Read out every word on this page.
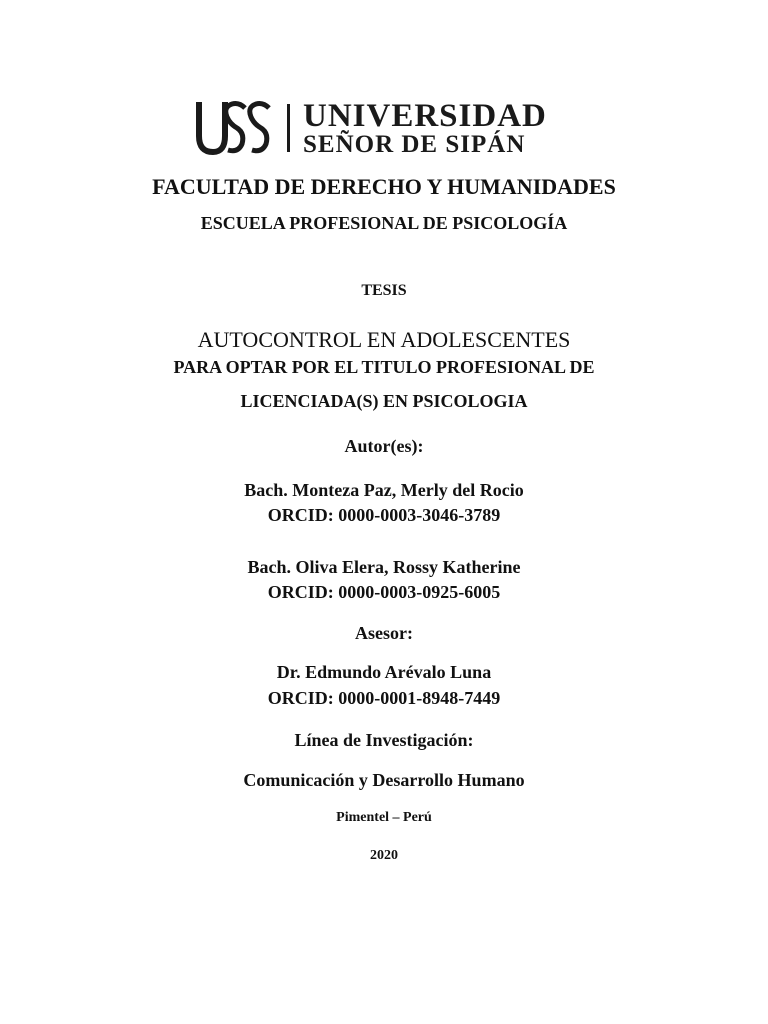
UNIVERSIDAD
SEÑOR DE SIPÁN
FACULTAD DE DERECHO Y HUMANIDADES
ESCUELA PROFESIONAL DE PSICOLOGÍA
TESIS
AUTOCONTROL EN ADOLESCENTES
PARA OPTAR POR EL TITULO PROFESIONAL DE
LICENCIADA(S) EN PSICOLOGIA
Autor(es):
Bach. Monteza Paz, Merly del Rocio
ORCID: 0000-0003-3046-3789
Bach. Oliva Elera, Rossy Katherine
ORCID: 0000-0003-0925-6005
Asesor:
Dr. Edmundo Arévalo Luna
ORCID: 0000-0001-8948-7449
Línea de Investigación:
Comunicación y Desarrollo Humano
Pimentel – Perú
2020
